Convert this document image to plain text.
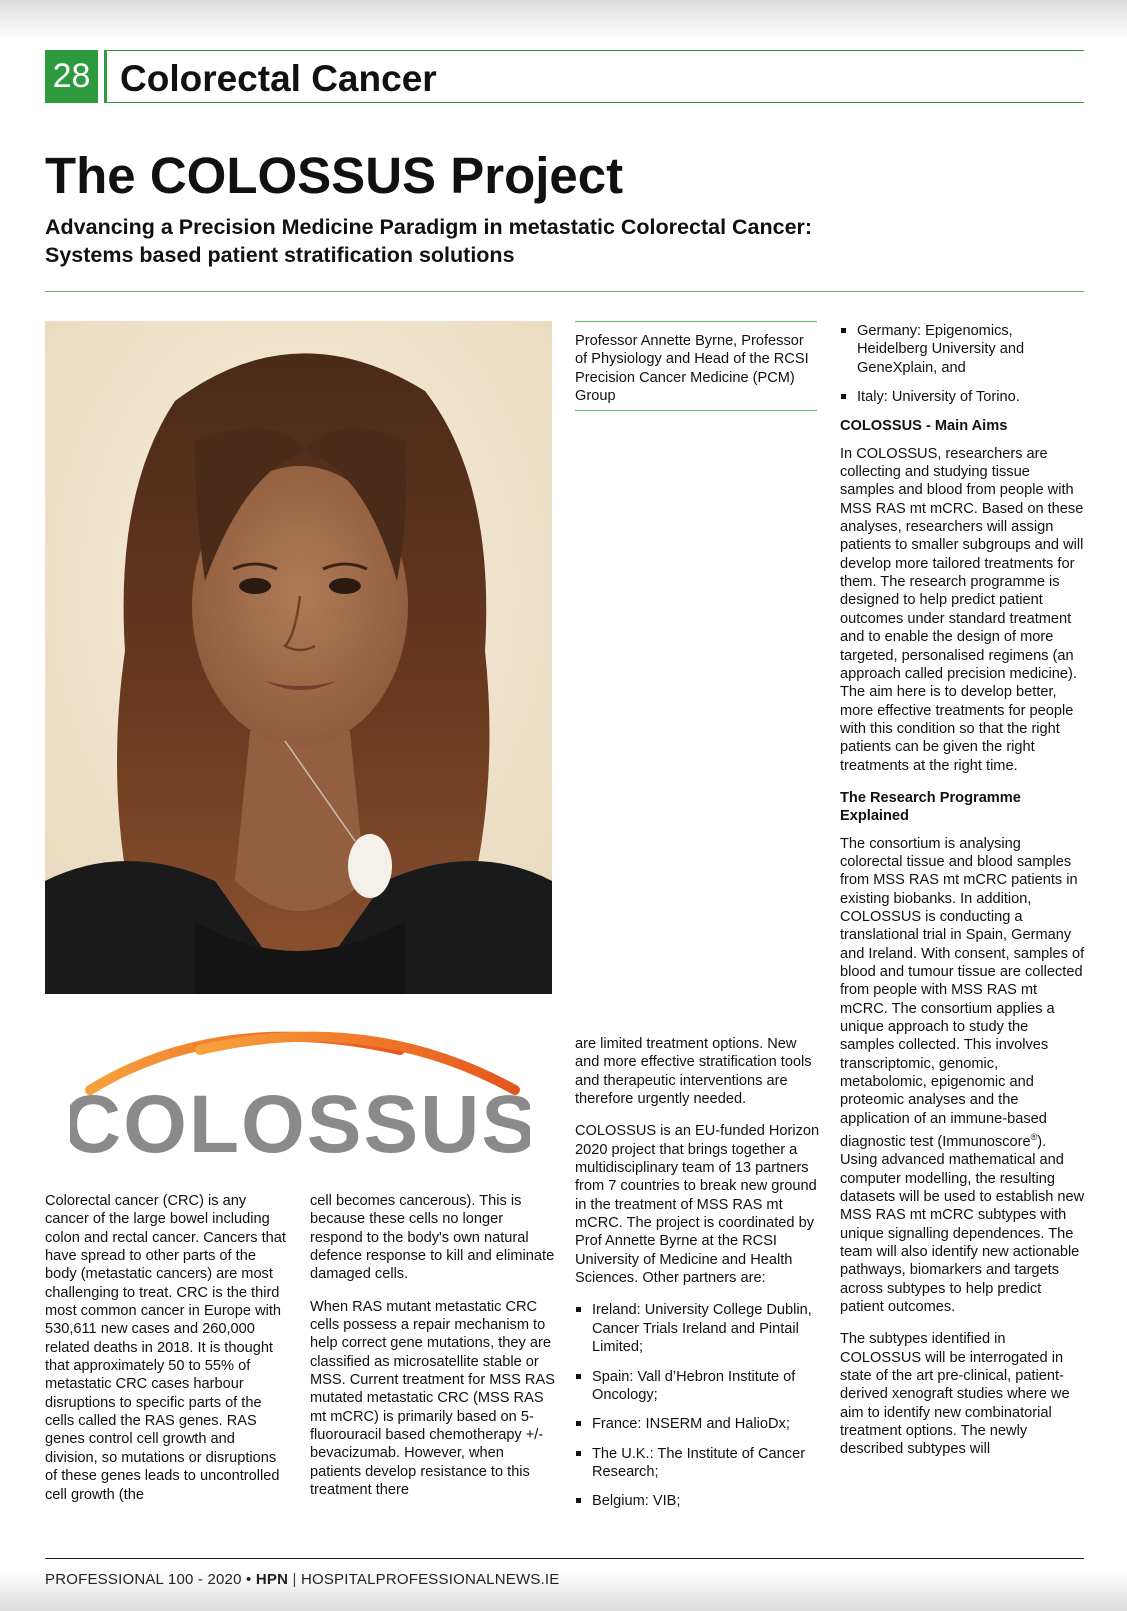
28 Colorectal Cancer
The COLOSSUS Project
Advancing a Precision Medicine Paradigm in metastatic Colorectal Cancer:
Systems based patient stratification solutions
Professor Annette Byrne, Professor of Physiology and Head of the RCSI Precision Cancer Medicine (PCM) Group
COLOSSUS

Colorectal cancer (CRC) is any cancer of the large bowel including colon and rectal cancer. Cancers that have spread to other parts of the body (metastatic cancers) are most challenging to treat. CRC is the third most common cancer in Europe with 530,611 new cases and 260,000 related deaths in 2018. It is thought that approximately 50 to 55% of metastatic CRC cases harbour disruptions to specific parts of the cells called the RAS genes. RAS genes control cell growth and division, so mutations or disruptions of these genes leads to uncontrolled cell growth (the

cell becomes cancerous). This is because these cells no longer respond to the body's own natural defence response to kill and eliminate damaged cells.

When RAS mutant metastatic CRC cells possess a repair mechanism to help correct gene mutations, they are classified as microsatellite stable or MSS. Current treatment for MSS RAS mutated metastatic CRC (MSS RAS mt mCRC) is primarily based on 5- fluorouracil based chemotherapy +/- bevacizumab. However, when patients develop resistance to this treatment there

are limited treatment options. New and more effective stratification tools and therapeutic interventions are therefore urgently needed.

COLOSSUS is an EU-funded Horizon 2020 project that brings together a multidisciplinary team of 13 partners from 7 countries to break new ground in the treatment of MSS RAS mt mCRC. The project is coordinated by Prof Annette Byrne at the RCSI University of Medicine and Health Sciences. Other partners are:

Ireland: University College Dublin, Cancer Trials Ireland and Pintail Limited;
Spain: Vall d’Hebron Institute of Oncology;
France: INSERM and HalioDx;
The U.K.: The Institute of Cancer Research;
Belgium: VIB;
Germany: Epigenomics, Heidelberg University and GeneXplain, and
Italy: University of Torino.
COLOSSUS - Main Aims

In COLOSSUS, researchers are collecting and studying tissue samples and blood from people with MSS RAS mt mCRC. Based on these analyses, researchers will assign patients to smaller subgroups and will develop more tailored treatments for them. The research programme is designed to help predict patient outcomes under standard treatment and to enable the design of more targeted, personalised regimens (an approach called precision medicine). The aim here is to develop better, more effective treatments for people with this condition so that the right patients can be given the right treatments at the right time.

The Research Programme Explained

The consortium is analysing colorectal tissue and blood samples from MSS RAS mt mCRC patients in existing biobanks. In addition, COLOSSUS is conducting a translational trial in Spain, Germany and Ireland. With consent, samples of blood and tumour tissue are collected from people with MSS RAS mt mCRC. The consortium applies a unique approach to study the samples collected. This involves transcriptomic, genomic, metabolomic, epigenomic and proteomic analyses and the application of an immune-based diagnostic test (Immunoscore®). Using advanced mathematical and computer modelling, the resulting datasets will be used to establish new MSS RAS mt mCRC subtypes with unique signalling dependences. The team will also identify new actionable pathways, biomarkers and targets across subtypes to help predict patient outcomes.

The subtypes identified in COLOSSUS will be interrogated in state of the art pre-clinical, patient-derived xenograft studies where we aim to identify new combinatorial treatment options. The newly described subtypes will

PROFESSIONAL 100 - 2020 • HPN | HOSPITALPROFESSIONALNEWS.IE
